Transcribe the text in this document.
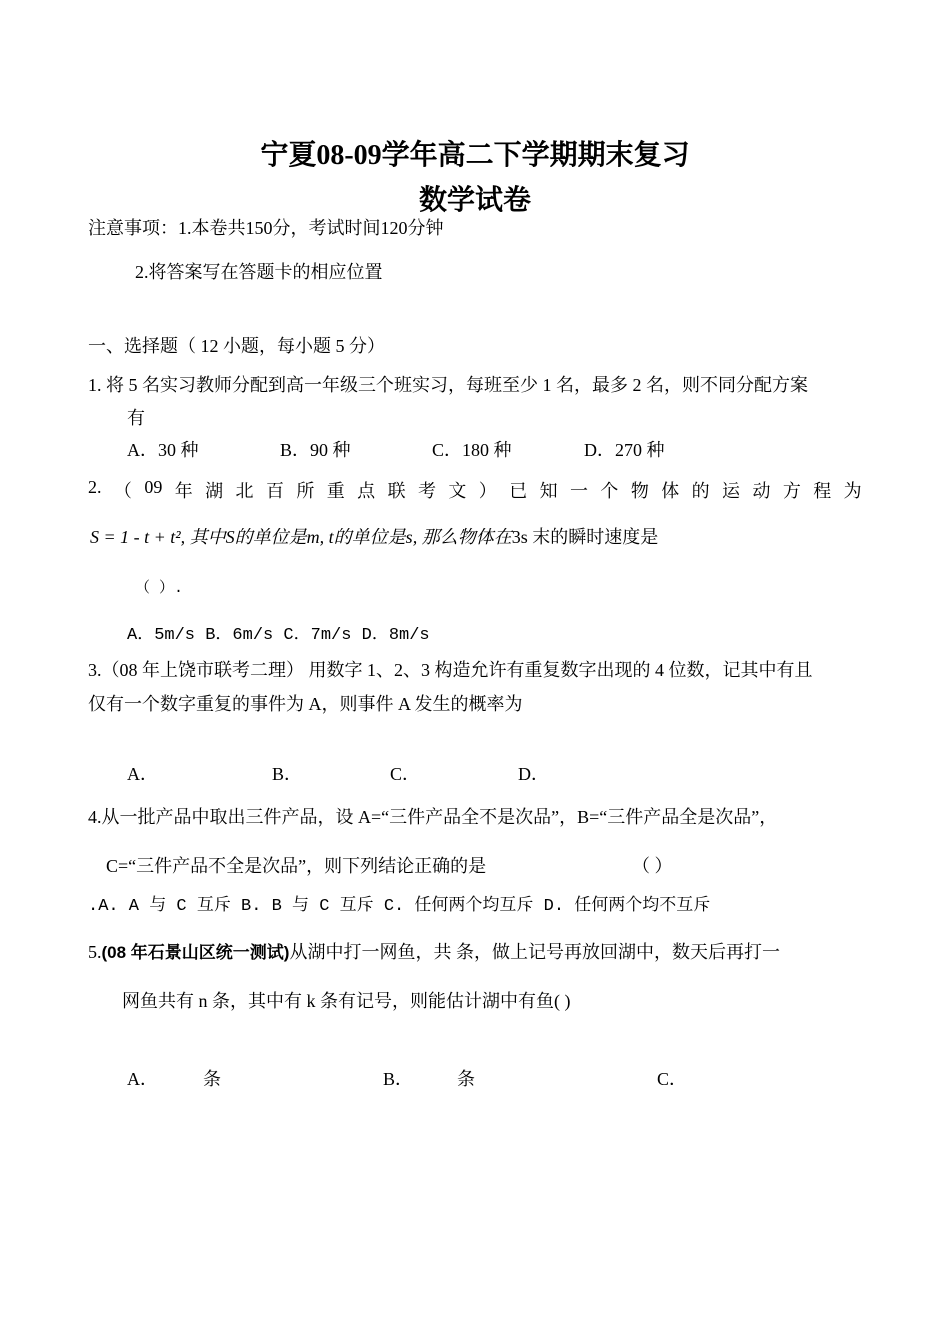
宁夏08-09学年高二下学期期末复习
数学试卷
注意事项：1.本卷共150分，考试时间120分钟
2.将答案写在答题卡的相应位置
一、选择题（ 12 小题，每小题 5 分）
1. 将 5 名实习教师分配到高一年级三个班实习，每班至少 1 名，最多 2 名，则不同分配方案
有
A．30 种	B．90 种	C．180 种	D．270 种
2. （ 09 年 湖 北 百 所 重 点 联 考 文 ） 已 知 一 个 物 体 的 运 动 方 程 为
S = 1 - t + t², 其中S的单位是m, t的单位是s, 那么物体在3s 末的瞬时速度是
（ ）.
A．5m/s B．6m/s C．7m/s D．8m/s
3.（08 年上饶市联考二理） 用数字 1、2、3 构造允许有重复数字出现的 4 位数，记其中有且
仅有一个数字重复的事件为 A，则事件 A 发生的概率为
A．	B．	C．	D．
4.从一批产品中取出三件产品，设 A=“三件产品全不是次品”，B=“三件产品全是次品”，
C=“三件产品不全是次品”，则下列结论正确的是	（ ）
.A. A 与 C 互斥 B. B 与 C 互斥 C. 任何两个均互斥 D. 任何两个均不互斥
5.(08 年石景山区统一测试)从湖中打一网鱼，共 条，做上记号再放回湖中，数天后再打一
网鱼共有 n 条，其中有 k 条有记号，则能估计湖中有鱼( )
A．	条	B． 条	C．
